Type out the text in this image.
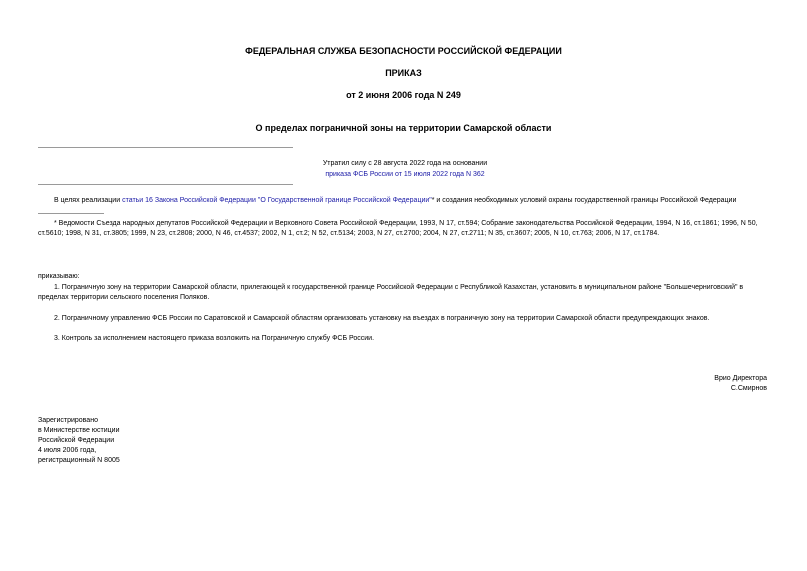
ФЕДЕРАЛЬНАЯ СЛУЖБА БЕЗОПАСНОСТИ РОССИЙСКОЙ ФЕДЕРАЦИИ
ПРИКАЗ
от 2 июня 2006 года N 249
О пределах пограничной зоны на территории Самарской области
Утратил силу с 28 августа 2022 года на основании
приказа ФСБ России от 15 июля 2022 года N 362
В целях реализации статьи 16 Закона Российской Федерации "О Государственной границе Российской Федерации"* и создания необходимых условий охраны государственной границы Российской Федерации
* Ведомости Съезда народных депутатов Российской Федерации и Верховного Совета Российской Федерации, 1993, N 17, ст.594; Собрание законодательства Российской Федерации, 1994, N 16, ст.1861; 1996, N 50, ст.5610; 1998, N 31, ст.3805; 1999, N 23, ст.2808; 2000, N 46, ст.4537; 2002, N 1, ст.2; N 52, ст.5134; 2003, N 27, ст.2700; 2004, N 27, ст.2711; N 35, ст.3607; 2005, N 10, ст.763; 2006, N 17, ст.1784.
приказываю:
1. Пограничную зону на территории Самарской области, прилегающей к государственной границе Российской Федерации с Республикой Казахстан, установить в муниципальном районе "Большечерниговский" в пределах территории сельского поселения Поляков.
2. Пограничному управлению ФСБ России по Саратовской и Самарской областям организовать установку на въездах в пограничную зону на территории Самарской области предупреждающих знаков.
3. Контроль за исполнением настоящего приказа возложить на Пограничную службу ФСБ России.
Врио Директора
С.Смирнов
Зарегистрировано
в Министерстве юстиции
Российской Федерации
4 июля 2006 года,
регистрационный N 8005
